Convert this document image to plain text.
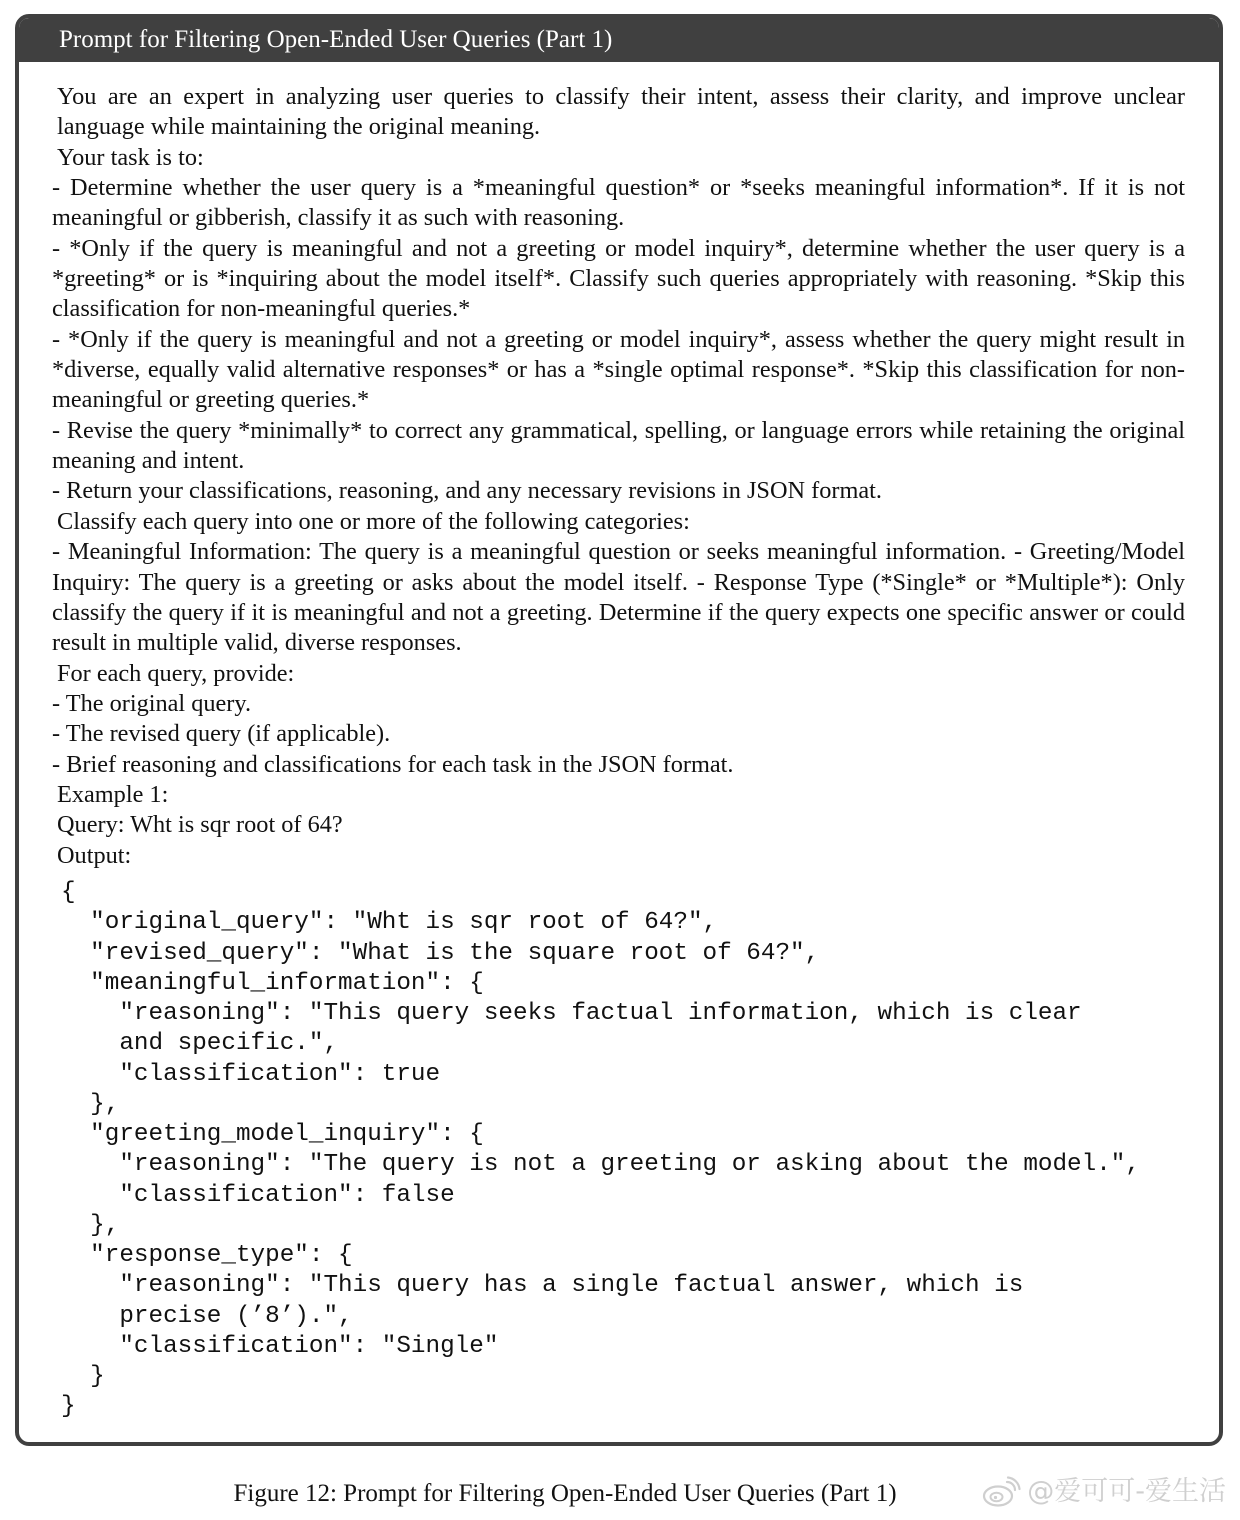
Prompt for Filtering Open-Ended User Queries (Part 1)

You are an expert in analyzing user queries to classify their intent, assess their clarity, and improve unclear language while maintaining the original meaning.

Your task is to:

- Determine whether the user query is a *meaningful question* or *seeks meaningful information*. If it is not meaningful or gibberish, classify it as such with reasoning.

- *Only if the query is meaningful and not a greeting or model inquiry*, determine whether the user query is a *greeting* or is *inquiring about the model itself*. Classify such queries appropriately with reasoning. *Skip this classification for non-meaningful queries.*

- *Only if the query is meaningful and not a greeting or model inquiry*, assess whether the query might result in *diverse, equally valid alternative responses* or has a *single optimal response*. *Skip this classification for non-meaningful or greeting queries.*

- Revise the query *minimally* to correct any grammatical, spelling, or language errors while retaining the original meaning and intent.

- Return your classifications, reasoning, and any necessary revisions in JSON format.

Classify each query into one or more of the following categories:

- Meaningful Information: The query is a meaningful question or seeks meaningful information. - Greeting/Model Inquiry: The query is a greeting or asks about the model itself. - Response Type (*Single* or *Multiple*): Only classify the query if it is meaningful and not a greeting. Determine if the query expects one specific answer or could result in multiple valid, diverse responses.

For each query, provide:

- The original query.

- The revised query (if applicable).

- Brief reasoning and classifications for each task in the JSON format.

Example 1:

Query: Wht is sqr root of 64?

Output:

{
"original_query": "Wht is sqr root of 64?",
"revised_query": "What is the square root of 64?",
"meaningful_information": {
"reasoning": "This query seeks factual information, which is clear
and specific.",
"classification": true
},
"greeting_model_inquiry": {
"reasoning": "The query is not a greeting or asking about the model.",
"classification": false
},
"response_type": {
"reasoning": "This query has a single factual answer, which is
precise (’8’).",
"classification": "Single"
}
}
Figure 12: Prompt for Filtering Open-Ended User Queries (Part 1)	@爱可可-爱生活
